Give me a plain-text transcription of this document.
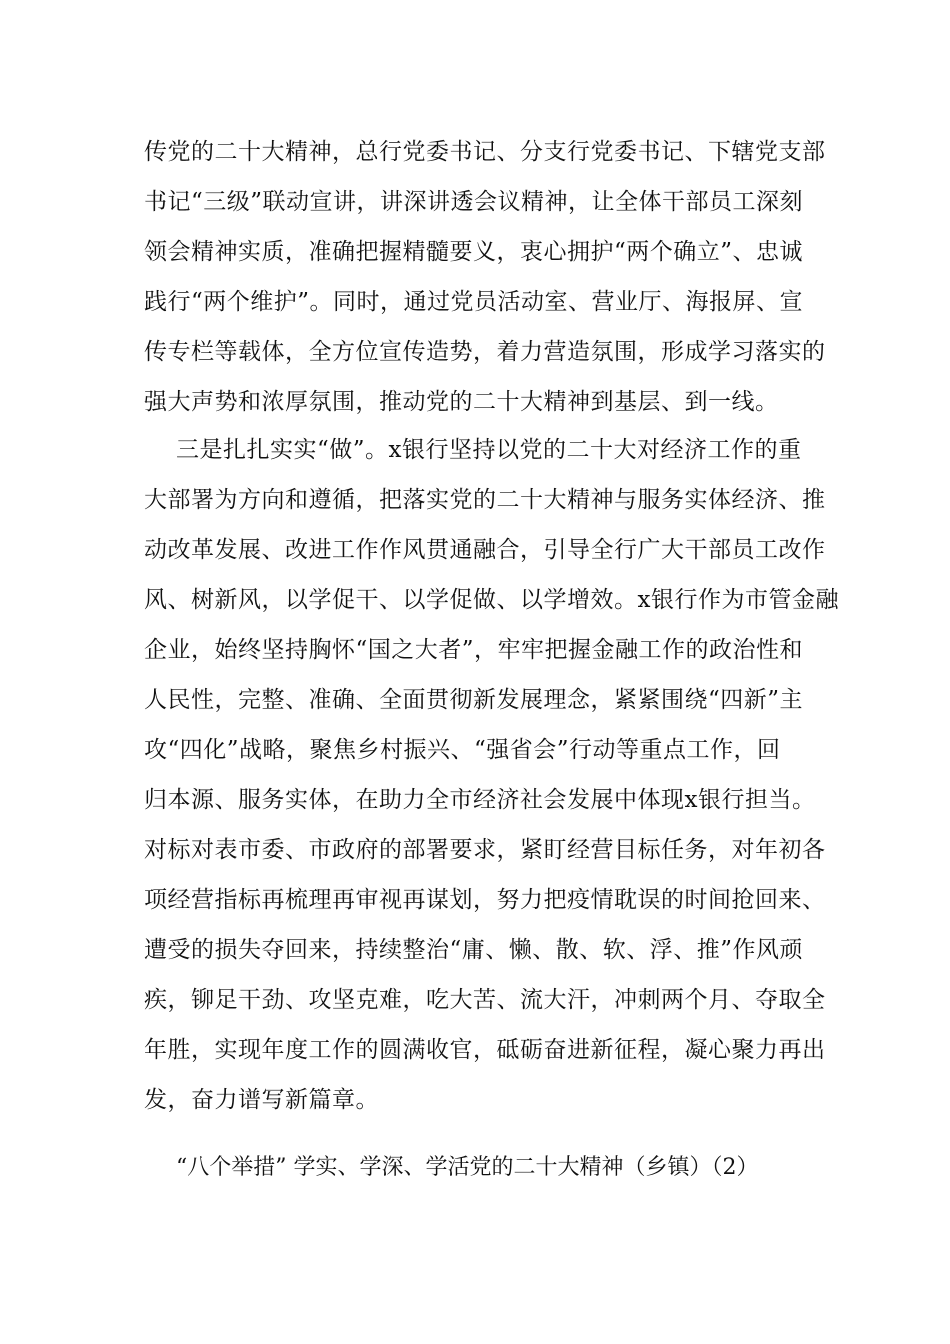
传党的二十大精神，总行党委书记、分支行党委书记、下辖党支部
书记“三级”联动宣讲，讲深讲透会议精神，让全体干部员工深刻
领会精神实质，准确把握精髓要义，衷心拥护“两个确立”、忠诚
践行“两个维护”。同时，通过党员活动室、营业厅、海报屏、宣
传专栏等载体，全方位宣传造势，着力营造氛围，形成学习落实的
强大声势和浓厚氛围，推动党的二十大精神到基层、到一线。
三是扎扎实实“做”。x银行坚持以党的二十大对经济工作的重
大部署为方向和遵循，把落实党的二十大精神与服务实体经济、推
动改革发展、改进工作作风贯通融合，引导全行广大干部员工改作
风、树新风，以学促干、以学促做、以学增效。x银行作为市管金融
企业，始终坚持胸怀“国之大者”，牢牢把握金融工作的政治性和
人民性，完整、准确、全面贯彻新发展理念，紧紧围绕“四新”主
攻“四化”战略，聚焦乡村振兴、“强省会”行动等重点工作，回
归本源、服务实体，在助力全市经济社会发展中体现x银行担当。
对标对表市委、市政府的部署要求，紧盯经营目标任务，对年初各
项经营指标再梳理再审视再谋划，努力把疫情耽误的时间抢回来、
遭受的损失夺回来，持续整治“庸、懒、散、软、浮、推”作风顽
疾，铆足干劲、攻坚克难，吃大苦、流大汗，冲刺两个月、夺取全
年胜，实现年度工作的圆满收官，砥砺奋进新征程，凝心聚力再出
发，奋力谱写新篇章。
“八个举措” 学实、学深、学活党的二十大精神（乡镇）（2）
